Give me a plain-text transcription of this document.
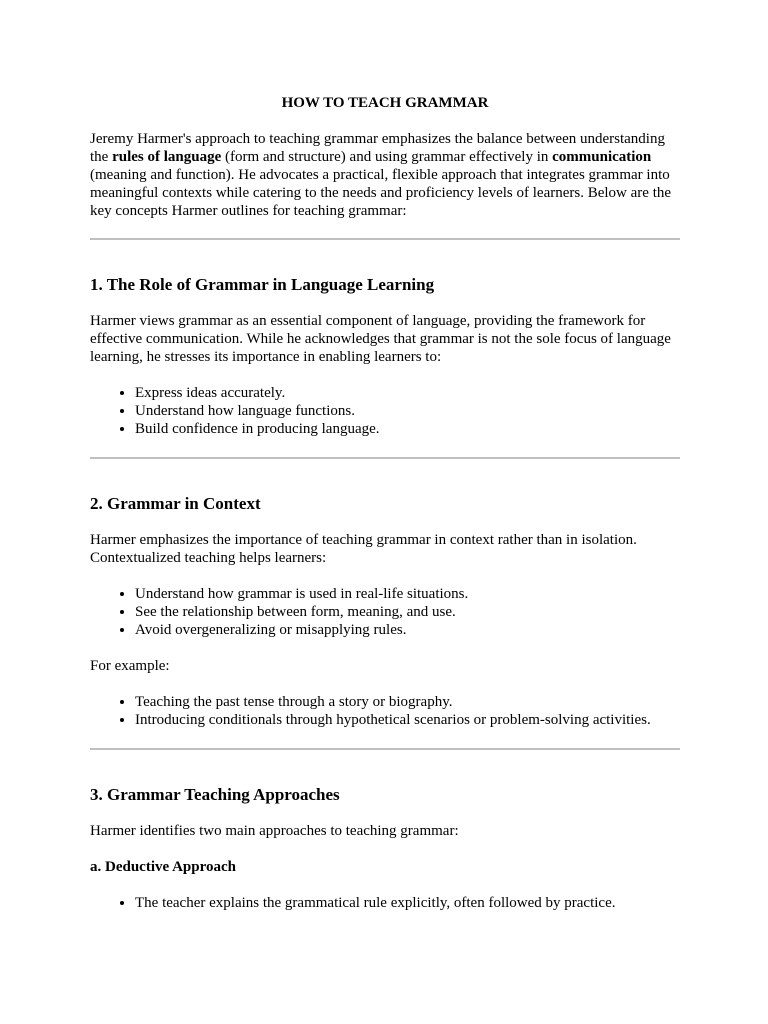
HOW TO TEACH GRAMMAR

Jeremy Harmer's approach to teaching grammar emphasizes the balance between understanding the rules of language (form and structure) and using grammar effectively in communication (meaning and function). He advocates a practical, flexible approach that integrates grammar into meaningful contexts while catering to the needs and proficiency levels of learners. Below are the key concepts Harmer outlines for teaching grammar:

1. The Role of Grammar in Language Learning

Harmer views grammar as an essential component of language, providing the framework for effective communication. While he acknowledges that grammar is not the sole focus of language learning, he stresses its importance in enabling learners to:

• Express ideas accurately.
• Understand how language functions.
• Build confidence in producing language.
2. Grammar in Context

Harmer emphasizes the importance of teaching grammar in context rather than in isolation. Contextualized teaching helps learners:

• Understand how grammar is used in real-life situations.
• See the relationship between form, meaning, and use.
• Avoid overgeneralizing or misapplying rules.

For example:

• Teaching the past tense through a story or biography.
• Introducing conditionals through hypothetical scenarios or problem-solving activities.
3. Grammar Teaching Approaches

Harmer identifies two main approaches to teaching grammar:

a. Deductive Approach
• The teacher explains the grammatical rule explicitly, often followed by practice.
